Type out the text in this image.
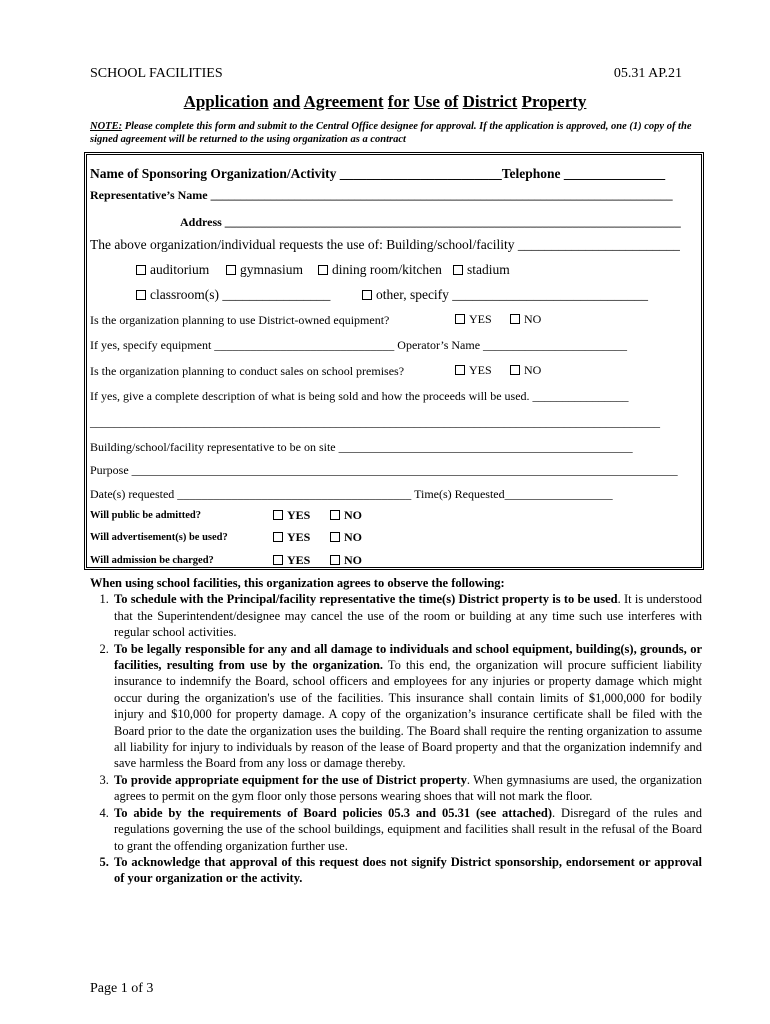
SCHOOL FACILITIES	05.31 AP.21
Application and Agreement for Use of District Property
NOTE: Please complete this form and submit to the Central Office designee for approval. If the application is approved, one (1) copy of the signed agreement will be returned to the using organization as a contract
Name of Sponsoring Organization/Activity ________________________Telephone _______________
Representative’s Name _____________________________________________________________________________
Address ____________________________________________________________________________
The above organization/individual requests the use of: Building/school/facility ________________________
auditorium	gymnasium	dining room/kitchen	stadium
classroom(s) ________________	other, specify _____________________________
Is the organization planning to use District-owned equipment?	YES	NO
If yes, specify equipment ______________________________ Operator’s Name ________________________
Is the organization planning to conduct sales on school premises?	YES	NO
If yes, give a complete description of what is being sold and how the proceeds will be used. ________________
_______________________________________________________________________________________________
Building/school/facility representative to be on site _________________________________________________
Purpose ___________________________________________________________________________________________
Date(s) requested _______________________________________ Time(s) Requested__________________
Will public be admitted?	YES	NO
Will advertisement(s) be used?	YES	NO
Will admission be charged?	YES	NO
When using school facilities, this organization agrees to observe the following:
1. To schedule with the Principal/facility representative the time(s) District property is to be used. It is understood that the Superintendent/designee may cancel the use of the room or building at any time such use interferes with regular school activities.
2. To be legally responsible for any and all damage to individuals and school equipment, building(s), grounds, or facilities, resulting from use by the organization. To this end, the organization will procure sufficient liability insurance to indemnify the Board, school officers and employees for any injuries or property damage which might occur during the organization's use of the facilities. This insurance shall contain limits of $1,000,000 for bodily injury and $10,000 for property damage. A copy of the organization’s insurance certificate shall be filed with the Board prior to the date the organization uses the building. The Board shall require the renting organization to assume all liability for injury to individuals by reason of the lease of Board property and that the organization indemnify and save harmless the Board from any loss or damage thereby.
3. To provide appropriate equipment for the use of District property. When gymnasiums are used, the organization agrees to permit on the gym floor only those persons wearing shoes that will not mark the floor.
4. To abide by the requirements of Board policies 05.3 and 05.31 (see attached). Disregard of the rules and regulations governing the use of the school buildings, equipment and facilities shall result in the refusal of the Board to grant the offending organization further use.
5. To acknowledge that approval of this request does not signify District sponsorship, endorsement or approval of your organization or the activity.
Page 1 of 3
